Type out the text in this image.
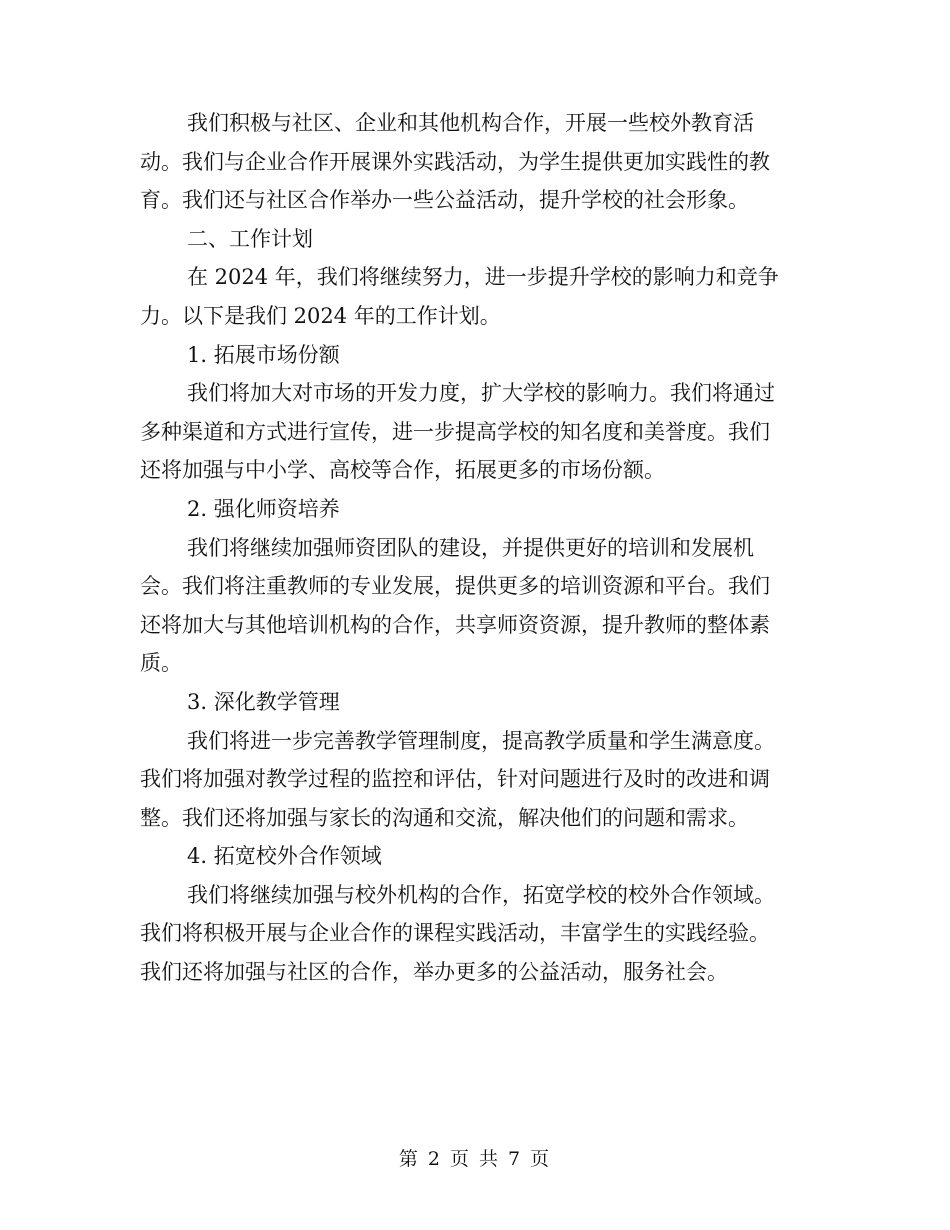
我们积极与社区、企业和其他机构合作，开展一些校外教育活
动。我们与企业合作开展课外实践活动，为学生提供更加实践性的教
育。我们还与社区合作举办一些公益活动，提升学校的社会形象。
二、工作计划
在 2024 年，我们将继续努力，进一步提升学校的影响力和竞争
力。以下是我们 2024 年的工作计划。
1. 拓展市场份额
我们将加大对市场的开发力度，扩大学校的影响力。我们将通过
多种渠道和方式进行宣传，进一步提高学校的知名度和美誉度。我们
还将加强与中小学、高校等合作，拓展更多的市场份额。
2. 强化师资培养
我们将继续加强师资团队的建设，并提供更好的培训和发展机
会。我们将注重教师的专业发展，提供更多的培训资源和平台。我们
还将加大与其他培训机构的合作，共享师资资源，提升教师的整体素
质。
3. 深化教学管理
我们将进一步完善教学管理制度，提高教学质量和学生满意度。
我们将加强对教学过程的监控和评估，针对问题进行及时的改进和调
整。我们还将加强与家长的沟通和交流，解决他们的问题和需求。
4. 拓宽校外合作领域
我们将继续加强与校外机构的合作，拓宽学校的校外合作领域。
我们将积极开展与企业合作的课程实践活动，丰富学生的实践经验。
我们还将加强与社区的合作，举办更多的公益活动，服务社会。
第 2 页 共 7 页
